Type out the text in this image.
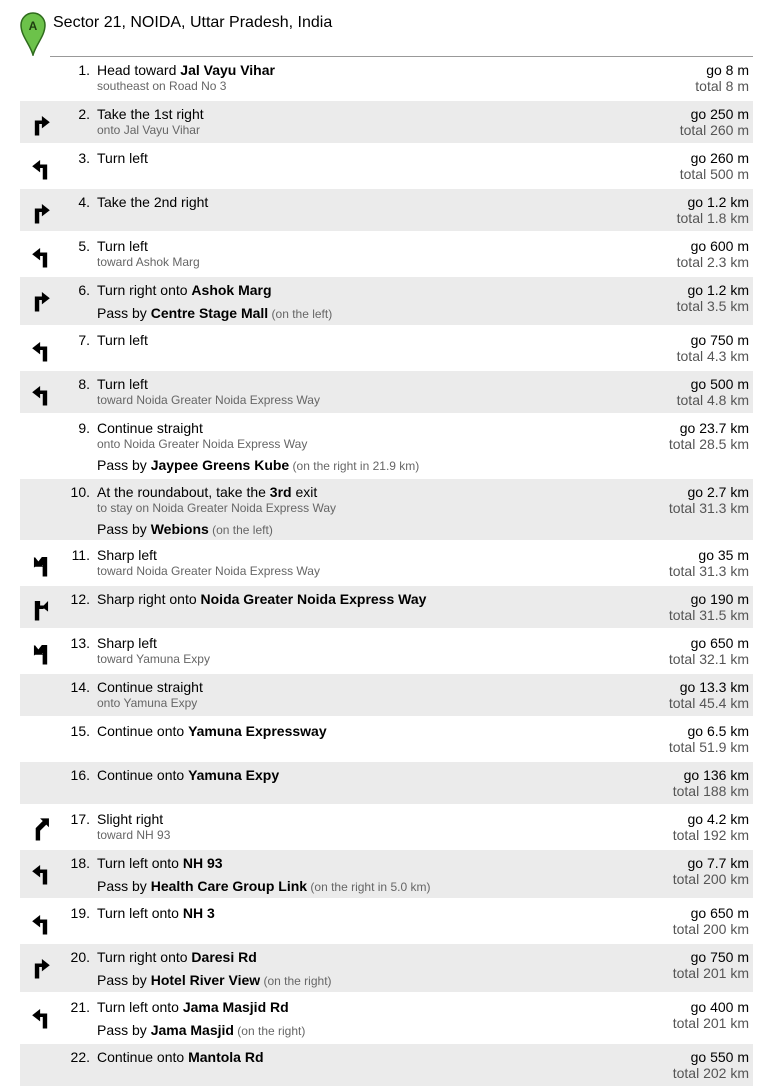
A Sector 21, NOIDA, Uttar Pradesh, India
1. Head toward Jal Vayu Vihar
southeast on Road No 3
go 8 m
total 8 m
2. Take the 1st right
onto Jal Vayu Vihar
go 250 m
total 260 m
3. Turn left	go 260 m
total 500 m
4. Take the 2nd right	go 1.2 km
total 1.8 km
5. Turn left
toward Ashok Marg
go 600 m
total 2.3 km
6. Turn right onto Ashok Marg
Pass by Centre Stage Mall (on the left)
go 1.2 km
total 3.5 km
7. Turn left	go 750 m
total 4.3 km
8. Turn left
toward Noida Greater Noida Express Way
go 500 m
total 4.8 km
9. Continue straight
onto Noida Greater Noida Express Way
Pass by Jaypee Greens Kube (on the right in 21.9 km)
go 23.7 km
total 28.5 km
10. At the roundabout, take the 3rd exit
to stay on Noida Greater Noida Express Way
Pass by Webions (on the left)
go 2.7 km
total 31.3 km
11. Sharp left
toward Noida Greater Noida Express Way
go 35 m
total 31.3 km
12. Sharp right onto Noida Greater Noida Express Way	go 190 m
total 31.5 km
13. Sharp left
toward Yamuna Expy
go 650 m
total 32.1 km
14. Continue straight
onto Yamuna Expy
go 13.3 km
total 45.4 km
15. Continue onto Yamuna Expressway	go 6.5 km
total 51.9 km
16. Continue onto Yamuna Expy	go 136 km
total 188 km
17. Slight right
toward NH 93
go 4.2 km
total 192 km
18. Turn left onto NH 93
Pass by Health Care Group Link (on the right in 5.0 km)
go 7.7 km
total 200 km
19. Turn left onto NH 3	go 650 m
total 200 km
20. Turn right onto Daresi Rd
Pass by Hotel River View (on the right)
go 750 m
total 201 km
21. Turn left onto Jama Masjid Rd
Pass by Jama Masjid (on the right)
go 400 m
total 201 km
22. Continue onto Mantola Rd	go 550 m
total 202 km
